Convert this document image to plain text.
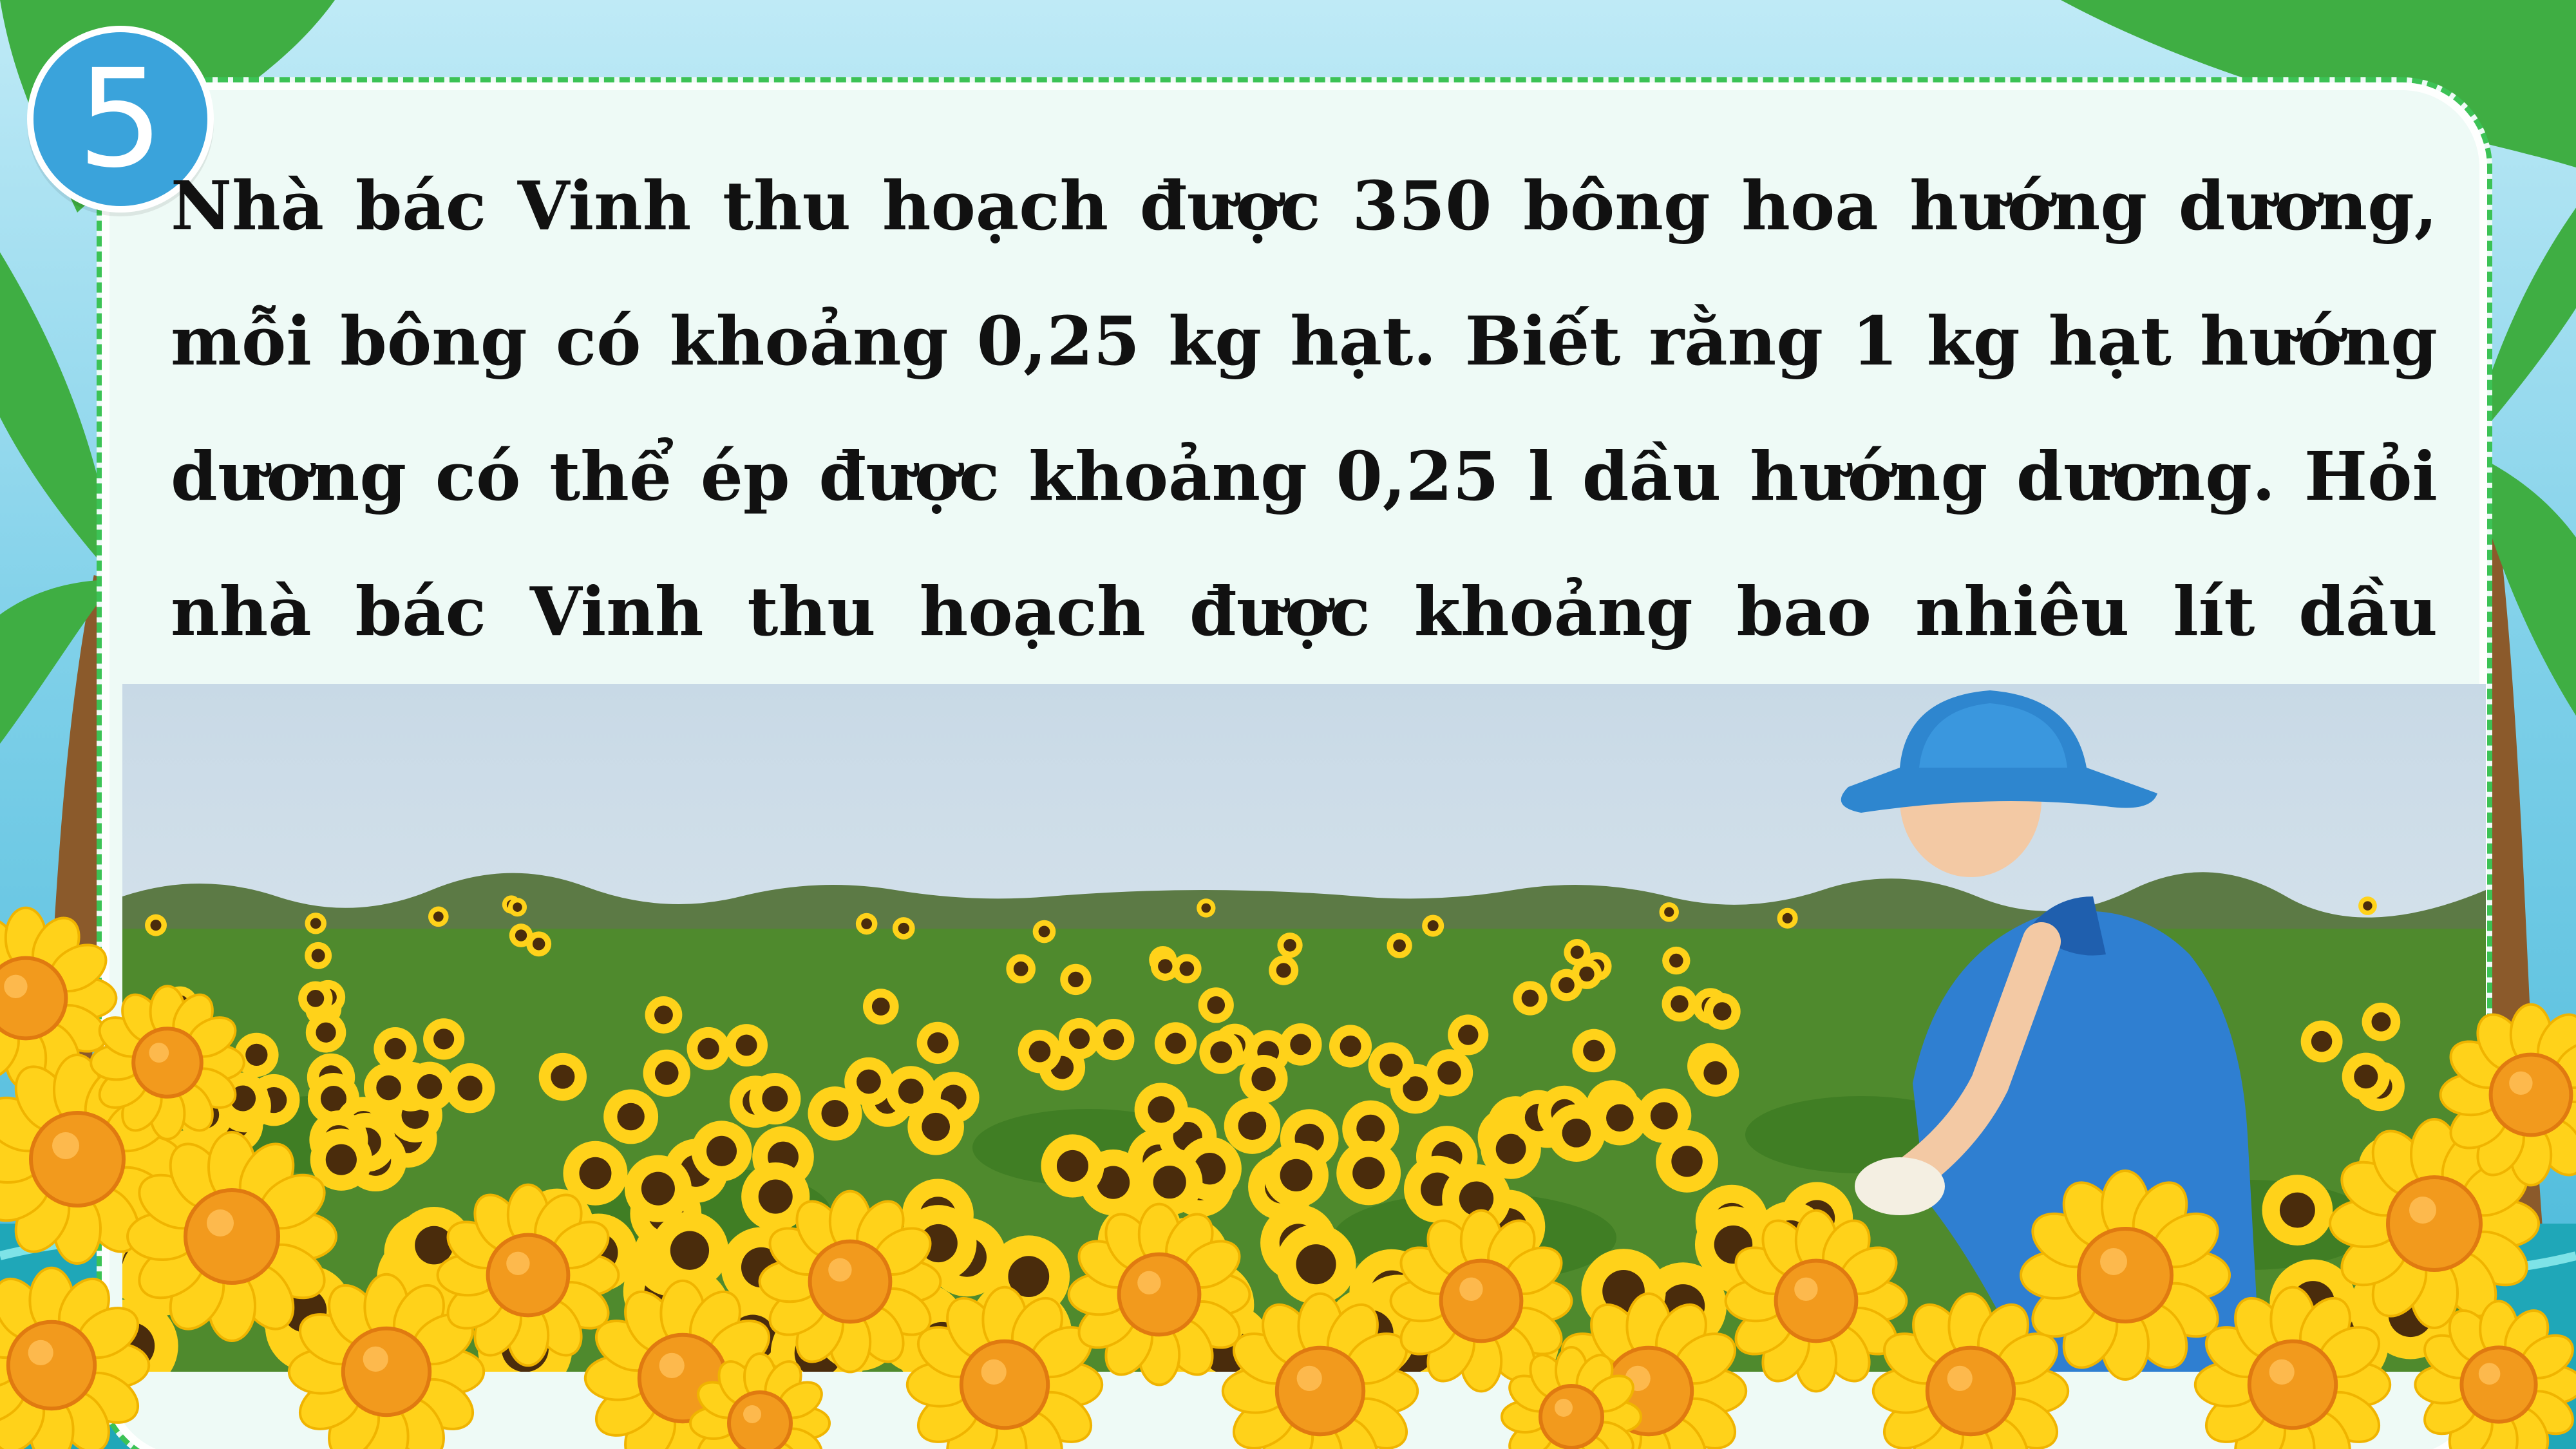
5

Nhà bác Vinh thu hoạch được 350 bông hoa hướng dương, mỗi bông có khoảng 0,25 kg hạt. Biết rằng 1 kg hạt hướng dương có thể ép được khoảng 0,25 l dầu hướng dương. Hỏi nhà bác Vinh thu hoạch được khoảng bao nhiêu lít dầu
